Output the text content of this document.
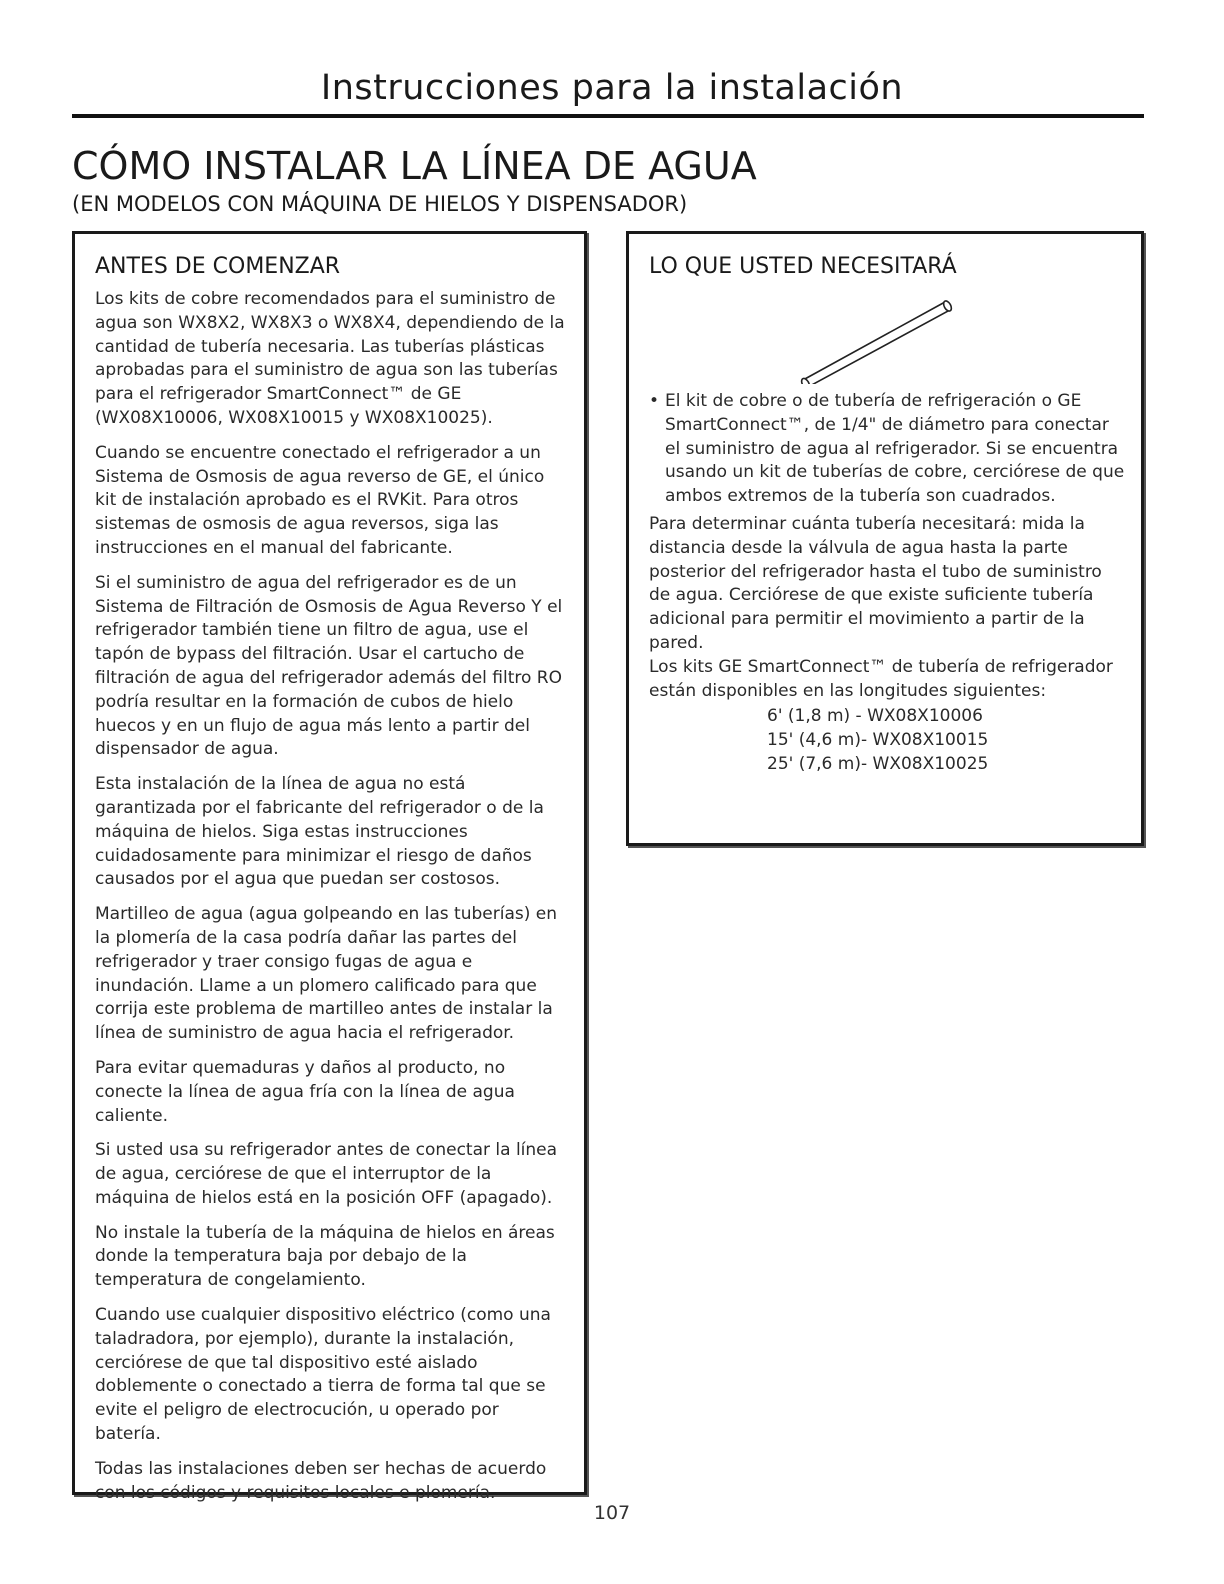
Instrucciones para la instalación
CÓMO INSTALAR LA LÍNEA DE AGUA
(EN MODELOS CON MÁQUINA DE HIELOS Y DISPENSADOR)
ANTES DE COMENZAR

Los kits de cobre recomendados para el suministro de agua son WX8X2, WX8X3 o WX8X4, dependiendo de la cantidad de tubería necesaria. Las tuberías plásticas aprobadas para el suministro de agua son las tuberías para el refrigerador SmartConnect™ de GE (WX08X10006, WX08X10015 y WX08X10025).

Cuando se encuentre conectado el refrigerador a un Sistema de Osmosis de agua reverso de GE, el único kit de instalación aprobado es el RVKit. Para otros sistemas de osmosis de agua reversos, siga las instrucciones en el manual del fabricante.

Si el suministro de agua del refrigerador es de un Sistema de Filtración de Osmosis de Agua Reverso Y el refrigerador también tiene un filtro de agua, use el tapón de bypass del filtración. Usar el cartucho de filtración de agua del refrigerador además del filtro RO podría resultar en la formación de cubos de hielo huecos y en un flujo de agua más lento a partir del dispensador de agua.

Esta instalación de la línea de agua no está garantizada por el fabricante del refrigerador o de la máquina de hielos. Siga estas instrucciones cuidadosamente para minimizar el riesgo de daños causados por el agua que puedan ser costosos.

Martilleo de agua (agua golpeando en las tuberías) en la plomería de la casa podría dañar las partes del refrigerador y traer consigo fugas de agua e inundación. Llame a un plomero calificado para que corrija este problema de martilleo antes de instalar la línea de suministro de agua hacia el refrigerador.

Para evitar quemaduras y daños al producto, no conecte la línea de agua fría con la línea de agua caliente.

Si usted usa su refrigerador antes de conectar la línea de agua, cerciórese de que el interruptor de la máquina de hielos está en la posición OFF (apagado).

No instale la tubería de la máquina de hielos en áreas donde la temperatura baja por debajo de la temperatura de congelamiento.

Cuando use cualquier dispositivo eléctrico (como una taladradora, por ejemplo), durante la instalación, cerciórese de que tal dispositivo esté aislado doblemente o conectado a tierra de forma tal que se evite el peligro de electrocución, u operado por batería.

Todas las instalaciones deben ser hechas de acuerdo con los códigos y requisitos locales e plomería.

LO QUE USTED NECESITARÁ
• El kit de cobre o de tubería de refrigeración o GE SmartConnect™, de 1/4" de diámetro para conectar el suministro de agua al refrigerador. Si se encuentra usando un kit de tuberías de cobre, cerciórese de que ambos extremos de la tubería son cuadrados.

Para determinar cuánta tubería necesitará: mida la distancia desde la válvula de agua hasta la parte posterior del refrigerador hasta el tubo de suministro de agua. Cerciórese de que existe suficiente tubería adicional para permitir el movimiento a partir de la pared.

Los kits GE SmartConnect™ de tubería de refrigerador están disponibles en las longitudes siguientes:

6' (1,8 m) - WX08X10006
15' (4,6 m)- WX08X10015
25' (7,6 m)- WX08X10025
107
